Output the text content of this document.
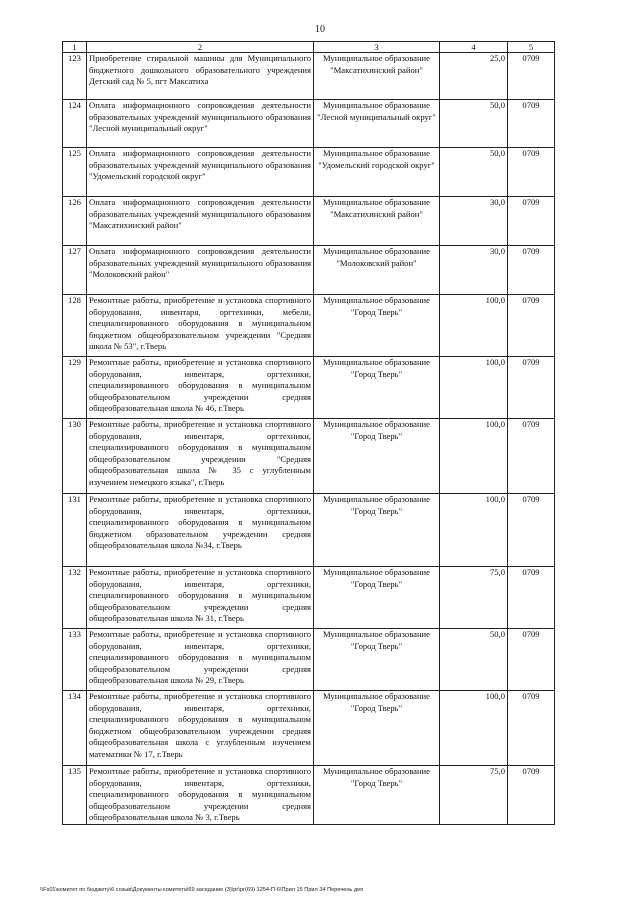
10
1	2	3	4	5
123	Приобретение стиральной машины для Муниципального бюджетного дошкольного образовательного учреждения Детский сад № 5, пгт Максатиха	Муниципальное образование "Максатихинский район"	25,0	0709
124	Оплата информационного сопровождения деятельности образовательных учреждений муниципального образования "Лесной муниципальный округ"	Муниципальное образование "Лесной муниципальный округ"	50,0	0709
125	Оплата информационного сопровождения деятельности образовательных учреждений муниципального образования "Удомельский городской округ"	Муниципальное образование "Удомельский городской округ"	50,0	0709
126	Оплата информационного сопровождения деятельности образовательных учреждений муниципального образования "Максатихинский район"	Муниципальное образование "Максатихинский район"	30,0	0709
127	Оплата информационного сопровождения деятельности образовательных учреждений муниципального образования "Молоковский район"	Муниципальное образование "Молоковский район"	30,0	0709
128	Ремонтные работы, приобретение и установка спортивного оборудования, инвентаря, оргтехники, мебели, специализированного оборудования в муниципальном бюджетном общеобразовательном учреждении "Средняя школа № 53", г.Тверь	Муниципальное образование "Город Тверь"	100,0	0709
129	Ремонтные работы, приобретение и установка спортивного оборудования, инвентаря, оргтехники, специализированного оборудования в муниципальном общеобразовательном учреждении средняя общеобразовательная школа № 46, г.Тверь	Муниципальное образование "Город Тверь"	100,0	0709
130	Ремонтные работы, приобретение и установка спортивного оборудования, инвентаря, оргтехники, специализированного оборудования в муниципальном общеобразовательном учреждении "Средняя общеобразовательная школа № 35 с углубленным изучением немецкого языка", г.Тверь	Муниципальное образование "Город Тверь"	100,0	0709
131	Ремонтные работы, приобретение и установка спортивного оборудования, инвентаря, оргтехники, специализированного оборудования в муниципальном бюджетном образовательном учреждении средняя общеобразовательная школа №34, г.Тверь	Муниципальное образование "Город Тверь"	100,0	0709
132	Ремонтные работы, приобретение и установка спортивного оборудования, инвентаря, оргтехники, специализированного оборудования в муниципальном общеобразовательном учреждении средняя общеобразовательная школа № 31, г.Тверь	Муниципальное образование "Город Тверь"	75,0	0709
133	Ремонтные работы, приобретение и установка спортивного оборудования, инвентаря, оргтехники, специализированного оборудования в муниципальном общеобразовательном учреждении средняя общеобразовательная школа № 29, г.Тверь	Муниципальное образование "Город Тверь"	50,0	0709
134	Ремонтные работы, приобретение и установка спортивного оборудования, инвентаря, оргтехники, специализированного оборудования в муниципальном бюджетном общеобразовательном учреждении средняя общеобразовательная школа с углубленным изучением математики № 17, г.Тверь	Муниципальное образование "Город Тверь"	100,0	0709
135	Ремонтные работы, приобретение и установка спортивного оборудования, инвентаря, оргтехники, специализированного оборудования в муниципальном общеобразовательном учреждении средняя общеобразовательная школа № 3, г.Тверь	Муниципальное образование "Город Тверь"	75,0	0709
\\Fs01\комитет по бюджету\6 созыв\Документы комитета\69 заседание (3)\рг\рг(69) 1254-П-6\Прил 15 Прил 34 Перечень деп
